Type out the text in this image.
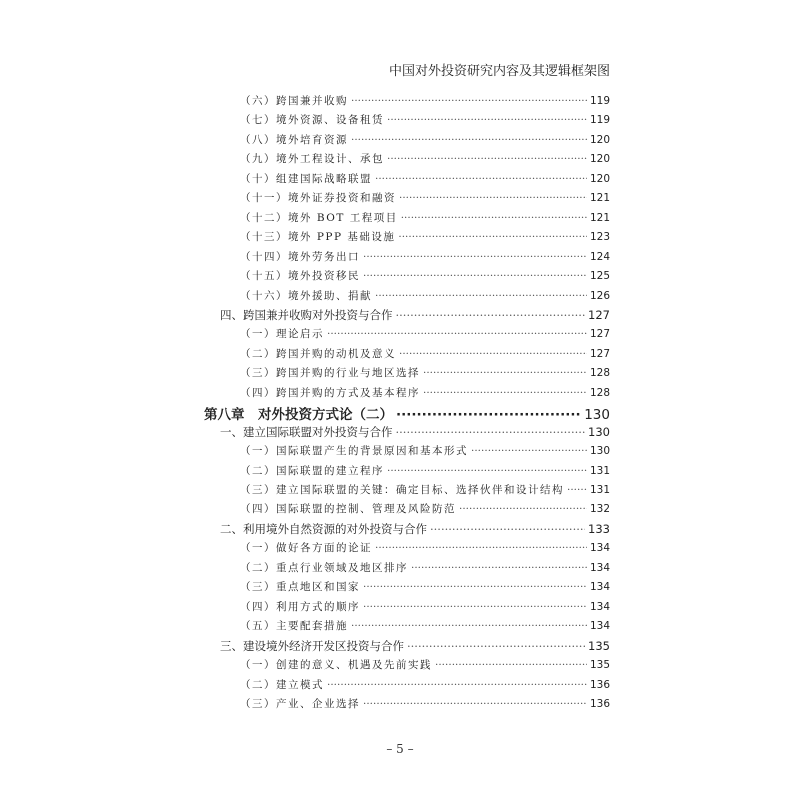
中国对外投资研究内容及其逻辑框架图
（六）跨国兼并收购 ·····	119
（七）境外资源、设备租赁 ·····	119
（八）境外培育资源 ·····	120
（九）境外工程设计、承包 ·····	120
（十）组建国际战略联盟 ·····	120
（十一）境外证券投资和融资 ·····	121
（十二）境外 BOT 工程项目 ·····	121
（十三）境外 PPP 基础设施 ·····	123
（十四）境外劳务出口 ·····	124
（十五）境外投资移民 ·····	125
（十六）境外援助、捐献 ·····	126
四、跨国兼并收购对外投资与合作 ·····	127
（一）理论启示 ·····	127
（二）跨国并购的动机及意义 ·····	127
（三）跨国并购的行业与地区选择 ·····	128
（四）跨国并购的方式及基本程序 ·····	128
第八章　对外投资方式论（二） ·····	130
一、建立国际联盟对外投资与合作 ·····	130
（一）国际联盟产生的背景原因和基本形式 ·····	130
（二）国际联盟的建立程序 ·····	131
（三）建立国际联盟的关键：确定目标、选择伙伴和设计结构 ····· 131
（四）国际联盟的控制、管理及风险防范 ·····	132
二、利用境外自然资源的对外投资与合作 ·····	133
（一）做好各方面的论证 ·····	134
（二）重点行业领域及地区排序 ·····	134
（三）重点地区和国家 ·····	134
（四）利用方式的顺序 ·····	134
（五）主要配套措施 ·····	134
三、建设境外经济开发区投资与合作 ·····	135
（一）创建的意义、机遇及先前实践 ·····	135
（二）建立模式 ·····	136
（三）产业、企业选择 ·····	136
– 5 –
